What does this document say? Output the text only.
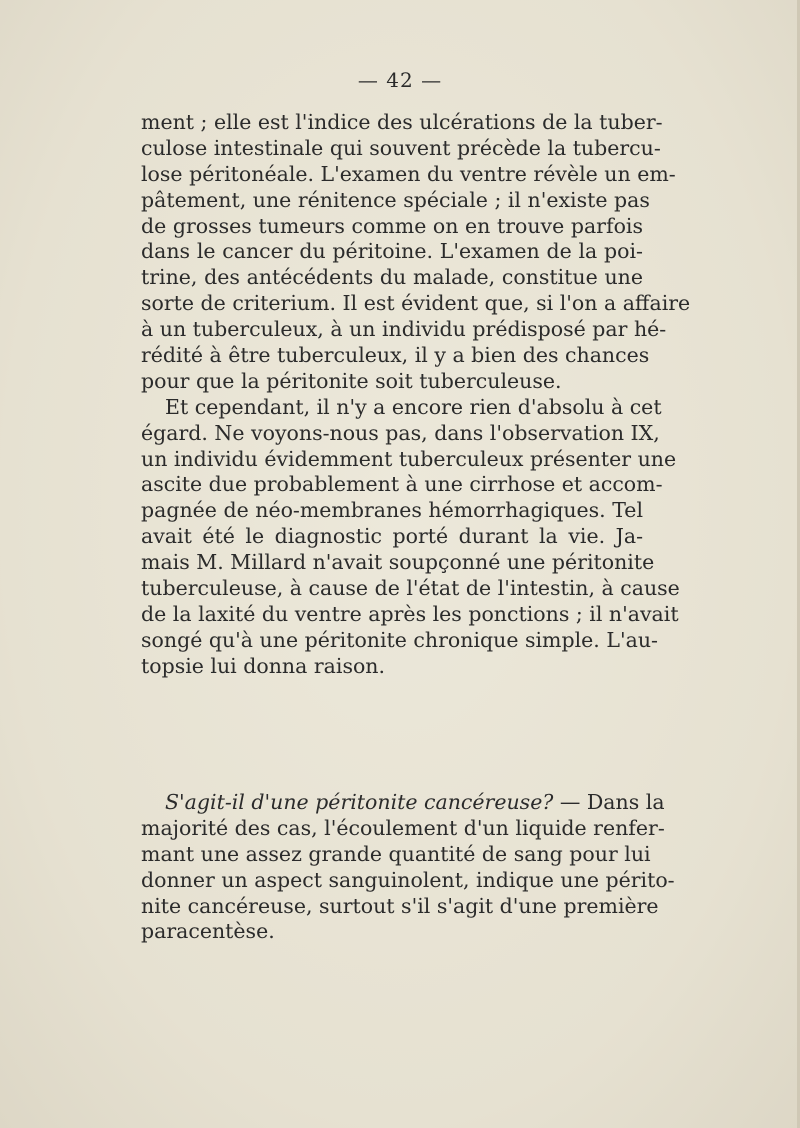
— 42 —
ment ; elle est l'indice des ulcérations de la tuber-
culose intestinale qui souvent précède la tubercu-
lose péritonéale. L'examen du ventre révèle un em-
pâtement, une rénitence spéciale ; il n'existe pas
de grosses tumeurs comme on en trouve parfois
dans le cancer du péritoine. L'examen de la poi-
trine, des antécédents du malade, constitue une
sorte de criterium. Il est évident que, si l'on a affaire
à un tuberculeux, à un individu prédisposé par hé-
rédité à être tuberculeux, il y a bien des chances
pour que la péritonite soit tuberculeuse.
Et cependant, il n'y a encore rien d'absolu à cet
égard. Ne voyons-nous pas, dans l'observation IX,
un individu évidemment tuberculeux présenter une
ascite due probablement à une cirrhose et accom-
pagnée de néo-membranes hémorrhagiques. Tel
avait été le diagnostic porté durant la vie. Ja-
mais M. Millard n'avait soupçonné une péritonite
tuberculeuse, à cause de l'état de l'intestin, à cause
de la laxité du ventre après les ponctions ; il n'avait
songé qu'à une péritonite chronique simple. L'au-
topsie lui donna raison.
S'agit-il d'une péritonite cancéreuse? — Dans la
majorité des cas, l'écoulement d'un liquide renfer-
mant une assez grande quantité de sang pour lui
donner un aspect sanguinolent, indique une périto-
nite cancéreuse, surtout s'il s'agit d'une première
paracentèse.
